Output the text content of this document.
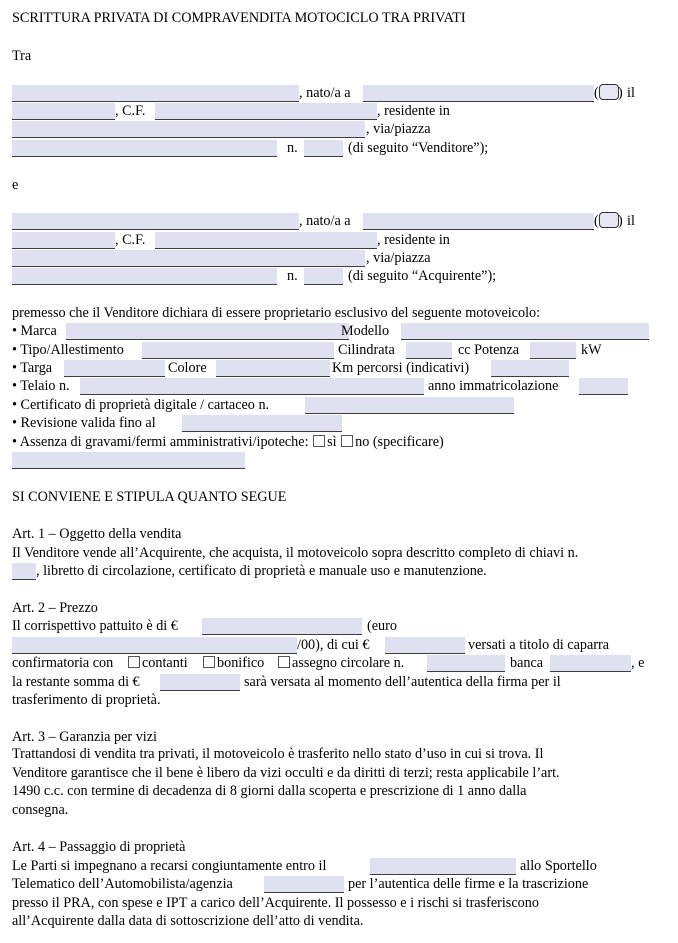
SCRITTURA PRIVATA DI COMPRAVENDITA MOTOCICLO TRA PRIVATI
Tra
, nato/a a	( ) il
, C.F.	, residente in
, via/piazza
n.	(di seguito “Venditore”);
e
, nato/a a	( ) il
, C.F.	, residente in
, via/piazza
n.	(di seguito “Acquirente”);
premesso che il Venditore dichiara di essere proprietario esclusivo del seguente motoveicolo:
• Marca	Modello
• Tipo/Allestimento	Cilindrata	cc Potenza	kW
• Targa	Colore	Km percorsi (indicativi)
• Telaio n.	anno immatricolazione
• Certificato di proprietà digitale / cartaceo n.
• Revisione valida fino al
• Assenza di gravami/fermi amministrativi/ipoteche: sì no (specificare)
SI CONVIENE E STIPULA QUANTO SEGUE
Art. 1 – Oggetto della vendita
Il Venditore vende all’Acquirente, che acquista, il motoveicolo sopra descritto completo di chiavi n.
, libretto di circolazione, certificato di proprietà e manuale uso e manutenzione.
Art. 2 – Prezzo
Il corrispettivo pattuito è di €	(euro
/00), di cui €	versati a titolo di caparra
confirmatoria con	contanti	bonifico	assegno circolare n.	banca	, e
la restante somma di €	sarà versata al momento dell’autentica della firma per il
trasferimento di proprietà.
Art. 3 – Garanzia per vizi
Trattandosi di vendita tra privati, il motoveicolo è trasferito nello stato d’uso in cui si trova. Il
Venditore garantisce che il bene è libero da vizi occulti e da diritti di terzi; resta applicabile l’art.
1490 c.c. con termine di decadenza di 8 giorni dalla scoperta e prescrizione di 1 anno dalla
consegna.
Art. 4 – Passaggio di proprietà
Le Parti si impegnano a recarsi congiuntamente entro il	allo Sportello
Telematico dell’Automobilista/agenzia	per l’autentica delle firme e la trascrizione
presso il PRA, con spese e IPT a carico dell’Acquirente. Il possesso e i rischi si trasferiscono
all’Acquirente dalla data di sottoscrizione dell’atto di vendita.
